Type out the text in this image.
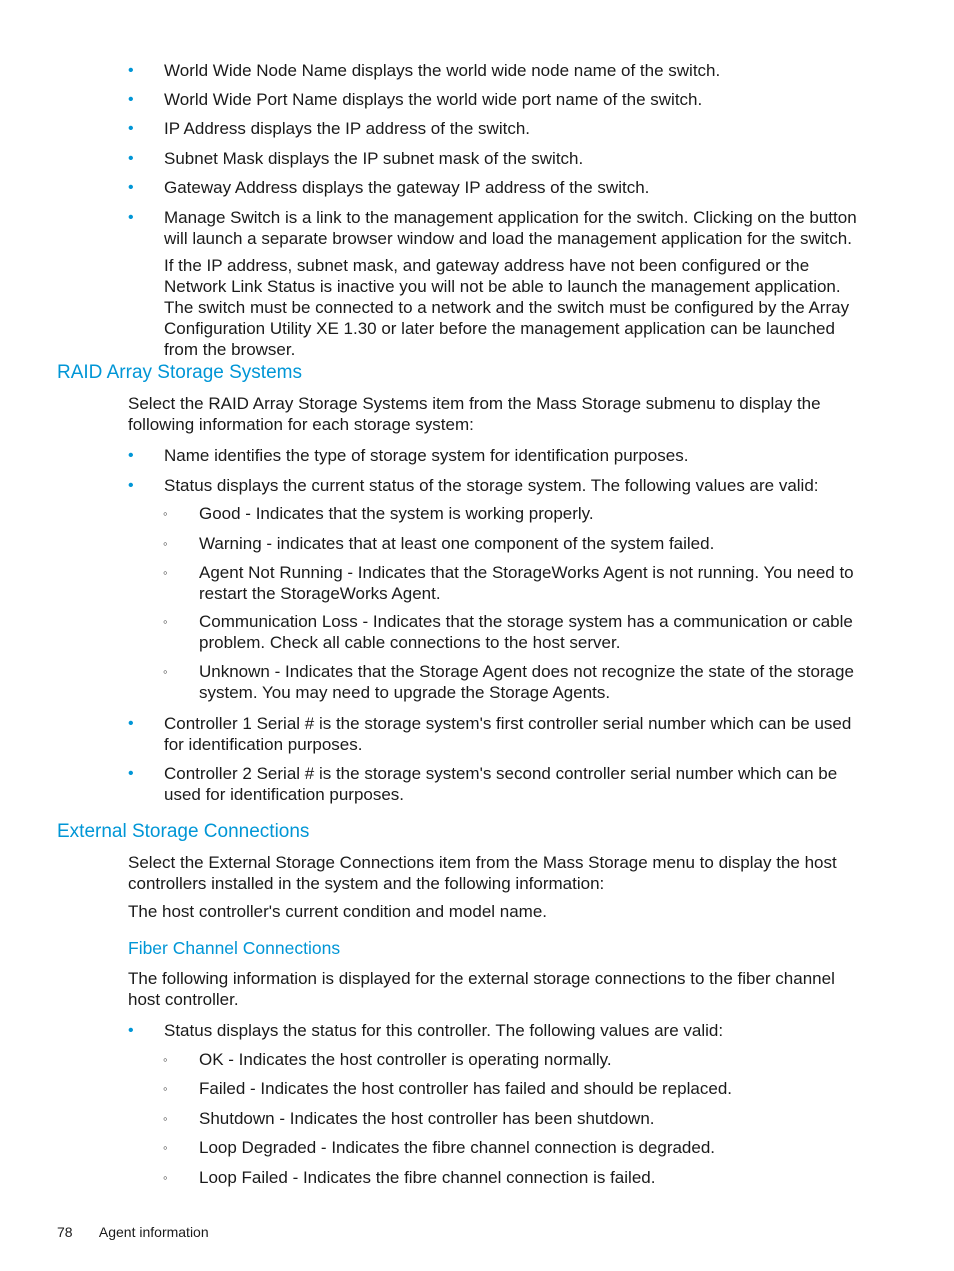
•	World Wide Node Name displays the world wide node name of the switch.
•	World Wide Port Name displays the world wide port name of the switch.
•	IP Address displays the IP address of the switch.
•	Subnet Mask displays the IP subnet mask of the switch.
•	Gateway Address displays the gateway IP address of the switch.
•	Manage Switch is a link to the management application for the switch. Clicking on the button will launch a separate browser window and load the management application for the switch.
If the IP address, subnet mask, and gateway address have not been configured or the Network Link Status is inactive you will not be able to launch the management application. The switch must be connected to a network and the switch must be configured by the Array Configuration Utility XE 1.30 or later before the management application can be launched from the browser.
RAID Array Storage Systems
Select the RAID Array Storage Systems item from the Mass Storage submenu to display the following information for each storage system:
•	Name identifies the type of storage system for identification purposes.
•	Status displays the current status of the storage system. The following values are valid:
◦ Good - Indicates that the system is working properly.
◦ Warning - indicates that at least one component of the system failed.
◦ Agent Not Running - Indicates that the StorageWorks Agent is not running. You need to restart the StorageWorks Agent.
◦ Communication Loss - Indicates that the storage system has a communication or cable problem. Check all cable connections to the host server.
◦ Unknown - Indicates that the Storage Agent does not recognize the state of the storage system. You may need to upgrade the Storage Agents.
•	Controller 1 Serial # is the storage system's first controller serial number which can be used for identification purposes.
•	Controller 2 Serial # is the storage system's second controller serial number which can be used for identification purposes.
External Storage Connections
Select the External Storage Connections item from the Mass Storage menu to display the host controllers installed in the system and the following information:
The host controller's current condition and model name.
Fiber Channel Connections
The following information is displayed for the external storage connections to the fiber channel host controller.
•	Status displays the status for this controller. The following values are valid:
◦ OK - Indicates the host controller is operating normally.
◦ Failed - Indicates the host controller has failed and should be replaced.
◦ Shutdown - Indicates the host controller has been shutdown.
◦ Loop Degraded - Indicates the fibre channel connection is degraded.
◦ Loop Failed - Indicates the fibre channel connection is failed.
78 Agent information
